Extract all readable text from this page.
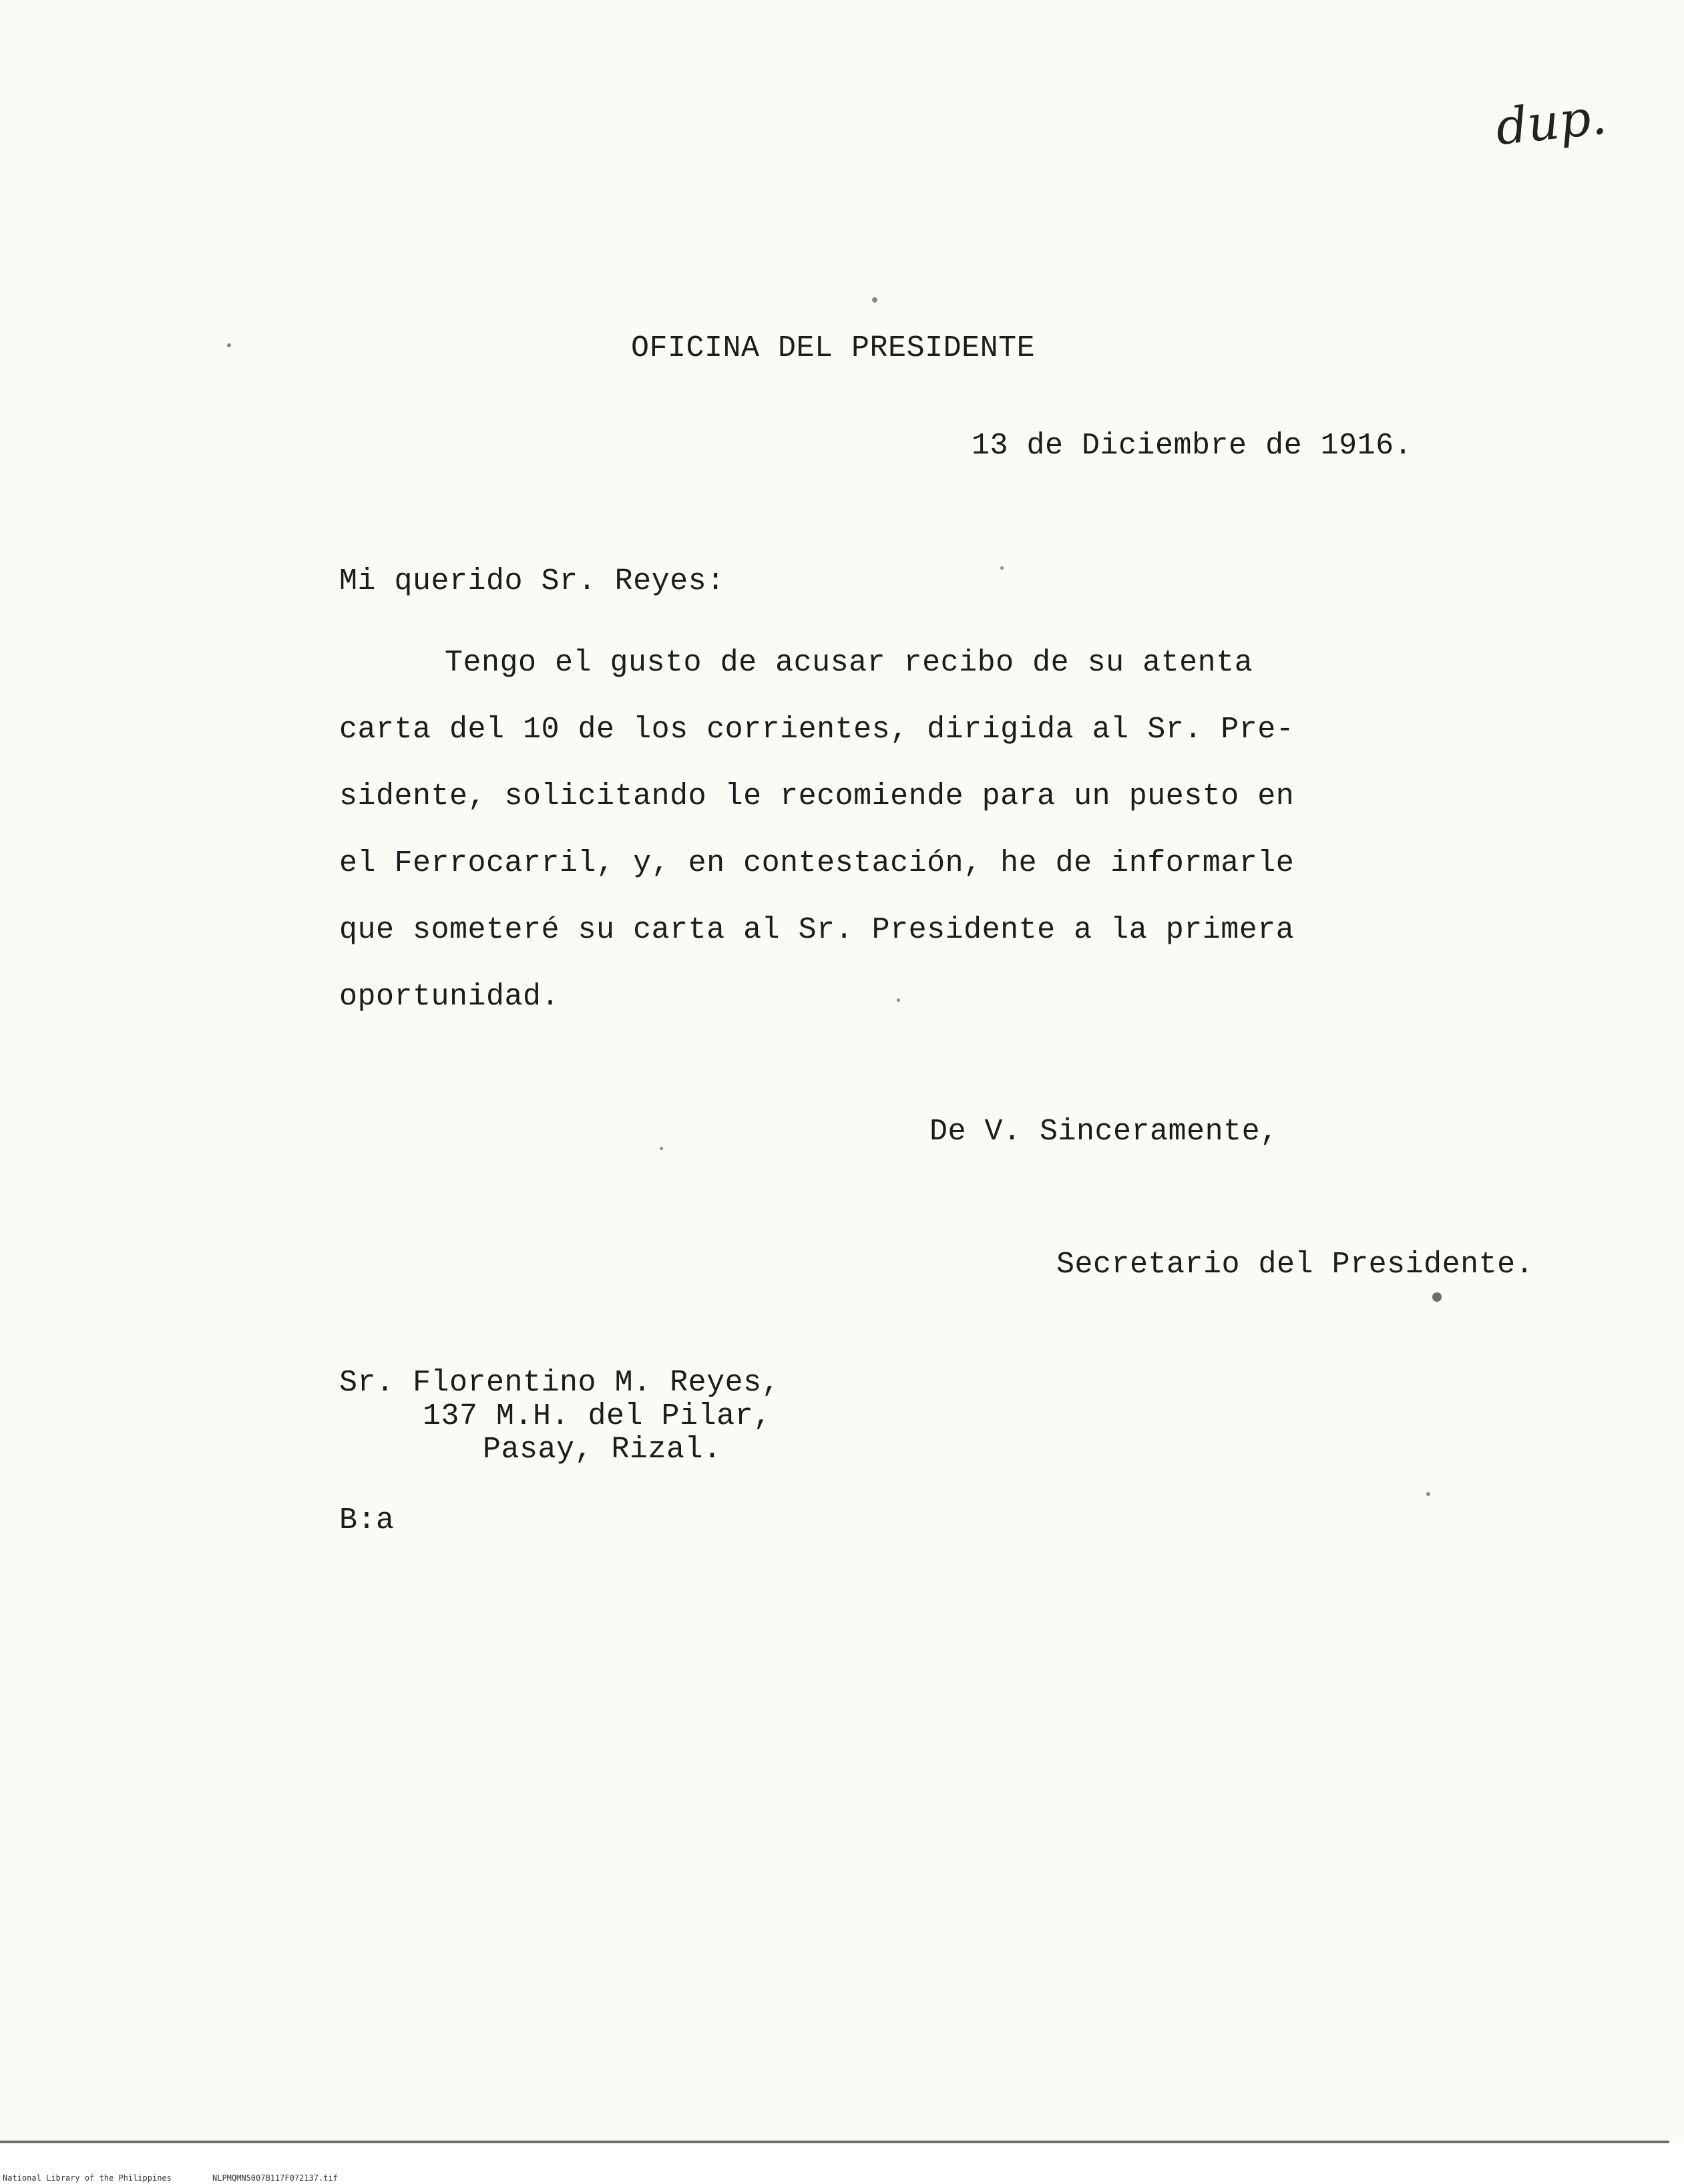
dup.
OFICINA DEL PRESIDENTE
13 de Diciembre de 1916.
Mi querido Sr. Reyes:
Tengo el gusto de acusar recibo de su atenta
carta del 10 de los corrientes, dirigida al Sr. Pre-
sidente, solicitando le recomiende para un puesto en
el Ferrocarril, y, en contestación, he de informarle
que someteré su carta al Sr. Presidente a la primera
oportunidad.
De V. Sinceramente,
Secretario del Presidente.
Sr. Florentino M. Reyes,
137 M.H. del Pilar,
Pasay, Rizal.
B:a
National Library of the Philippines	NLPMQMNS007B117F072137.tif
